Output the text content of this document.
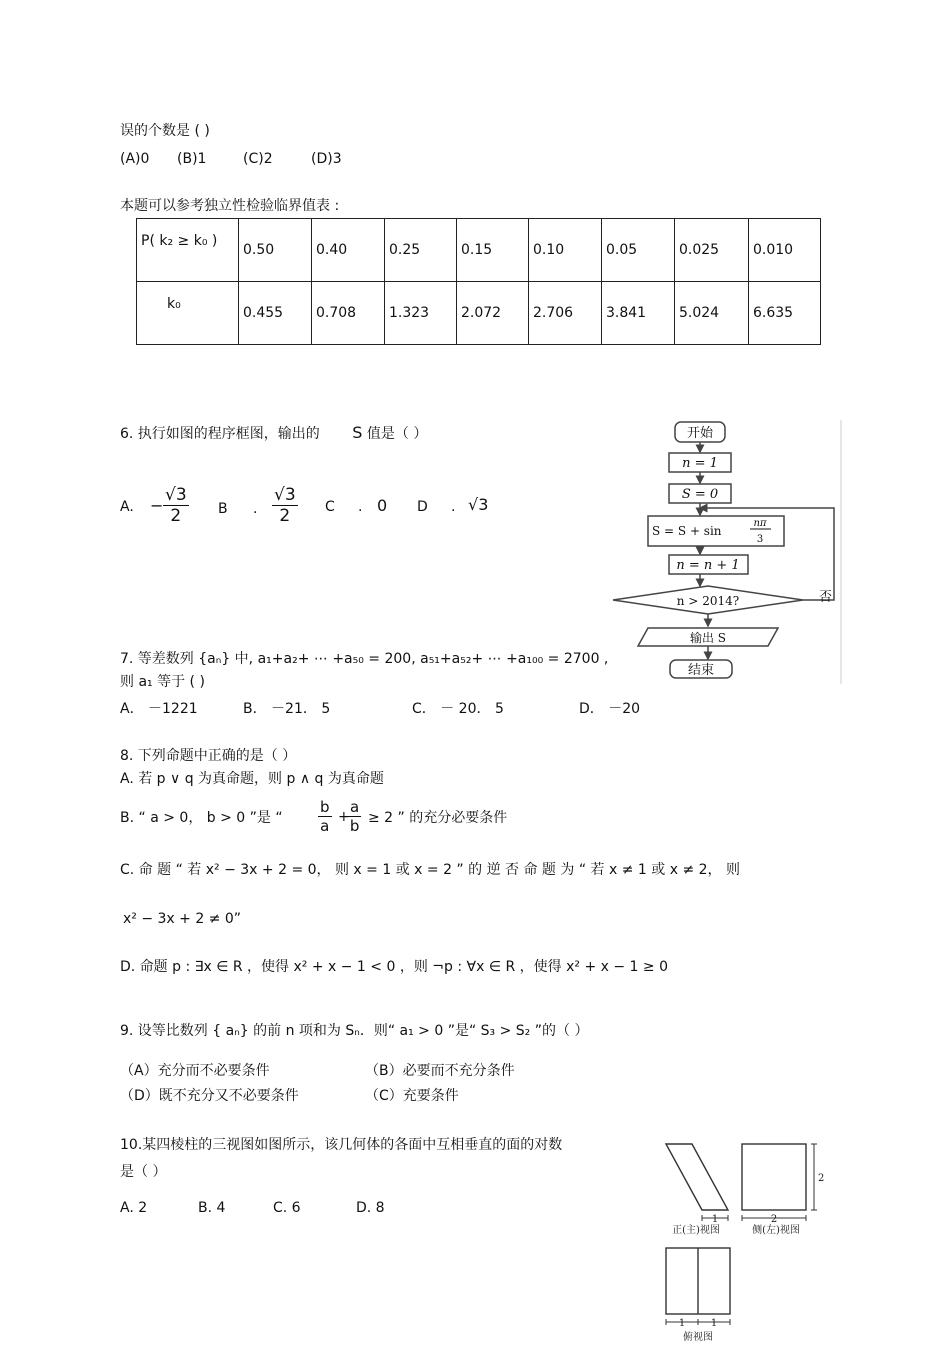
误的个数是 ( )
(A)0 (B)1	(C)2	(D)3
本题可以参考独立性检验临界值表 :
P( k₂ ≥ k₀ )	0.50	0.40	0.25	0.15	0.10	0.05	0.025	0.010
k₀	0.455	0.708	1.323	2.072	2.706	3.841	5.024	6.635
6. 执行如图的程序框图，输出的 S 值是（ ）
A. − $\frac{√3}{2}$ B . $\frac{√3}{2}$ C . 0 D . √3
开始
n = 1
S = 0
S = S + sin
nπ
3
n = n + 1
n > 2014?	否
输出 S
结束
7. 等差数列 {aₙ} 中, a₁+a₂+ ⋯ +a₅₀ = 200, a₅₁+a₅₂+ ⋯ +a₁₀₀ = 2700 ,
则 a₁ 等于 ( )
A． －1221	B． －21． 5	C． － 20． 5	D． －20
8. 下列命题中正确的是（ ）
A. 若 p ∨ q 为真命题，则 p ∧ q 为真命题
B. “ a > 0， b > 0 ”是 “ $\frac{b}{a}$ +
$\frac{a}{b} \ge 2$ ” 的充分必要条件
C. 命 题 “ 若 x² − 3x + 2 = 0， 则 x = 1 或 x = 2 ” 的 逆 否 命 题 为 “ 若 x ≠ 1 或 x ≠ 2， 则
x² − 3x + 2 ≠ 0”
D. 命题 p : ∃x ∈ R ，使得 x² + x − 1 < 0 ，则 ¬p : ∀x ∈ R ，使得 x² + x − 1 ≥ 0
9. 设等比数列 { aₙ} 的前 n 项和为 Sₙ．则“ a₁ > 0 ”是“ S₃ > S₂ ”的（ ）
（A）充分而不必要条件	（B）必要而不充分条件
（D）既不充分又不必要条件	（C）充要条件
10.某四棱柱的三视图如图所示，该几何体的各面中互相垂直的面的对数
是（ ）
A. 2	B. 4	C. 6	D. 8
1	2
2
1	1
正(主)视图	侧(左)视图
俯视图
